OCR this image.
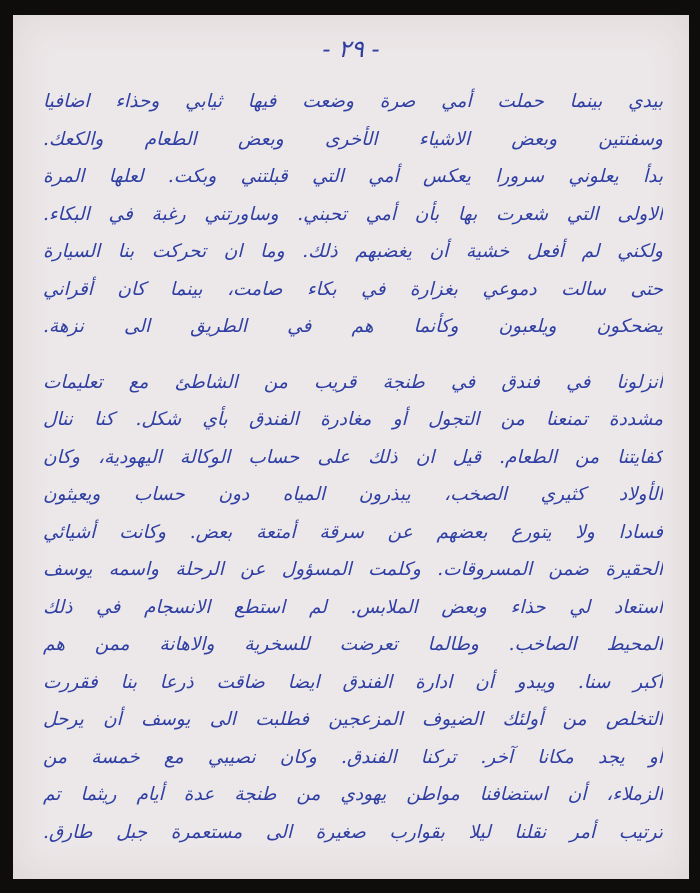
- ٢٩ -
بيدي بينما حملت أمي صرة وضعت فيها ثيابي وحذاء اضافيا
وسفنتين وبعض الاشياء الأخرى وبعض الطعام والكعك.
بدأ يعلوني سرورا يعكس أمي التي قبلتني وبكت. لعلها المرة
الاولى التي شعرت بها بأن أمي تحبني. وساورتني رغبة في البكاء.
ولكني لم أفعل خشية أن يغضبهم ذلك. وما ان تحركت بنا السيارة
حتى سالت دموعي بغزارة في بكاء صامت، بينما كان أقراني
يضحكون ويلعبون وكأنما هم في الطريق الى نزهة.
أنزلونا في فندق في طنجة قريب من الشاطئ مع تعليمات
مشددة تمنعنا من التجول أو مغادرة الفندق بأي شكل. كنا ننال
كفايتنا من الطعام. قيل ان ذلك على حساب الوكالة اليهودية، وكان
الأولاد كثيري الصخب، يبذرون المياه دون حساب ويعيثون
فسادا ولا يتورع بعضهم عن سرقة أمتعة بعض. وكانت أشيائي
الحقيرة ضمن المسروقات. وكلمت المسؤول عن الرحلة واسمه يوسف
استعاد لي حذاء وبعض الملابس. لم استطع الانسجام في ذلك
المحيط الصاخب. وطالما تعرضت للسخرية والاهانة ممن هم
أكبر سنا. ويبدو أن ادارة الفندق ايضا ضاقت ذرعا بنا فقررت
التخلص من أولئك الضيوف المزعجين فطلبت الى يوسف أن يرحل
أو يجد مكانا آخر. تركنا الفندق. وكان نصيبي مع خمسة من
الزملاء، أن استضافنا مواطن يهودي من طنجة عدة أيام ريثما تم
ترتيب أمر نقلنا ليلا بقوارب صغيرة الى مستعمرة جبل طارق.
